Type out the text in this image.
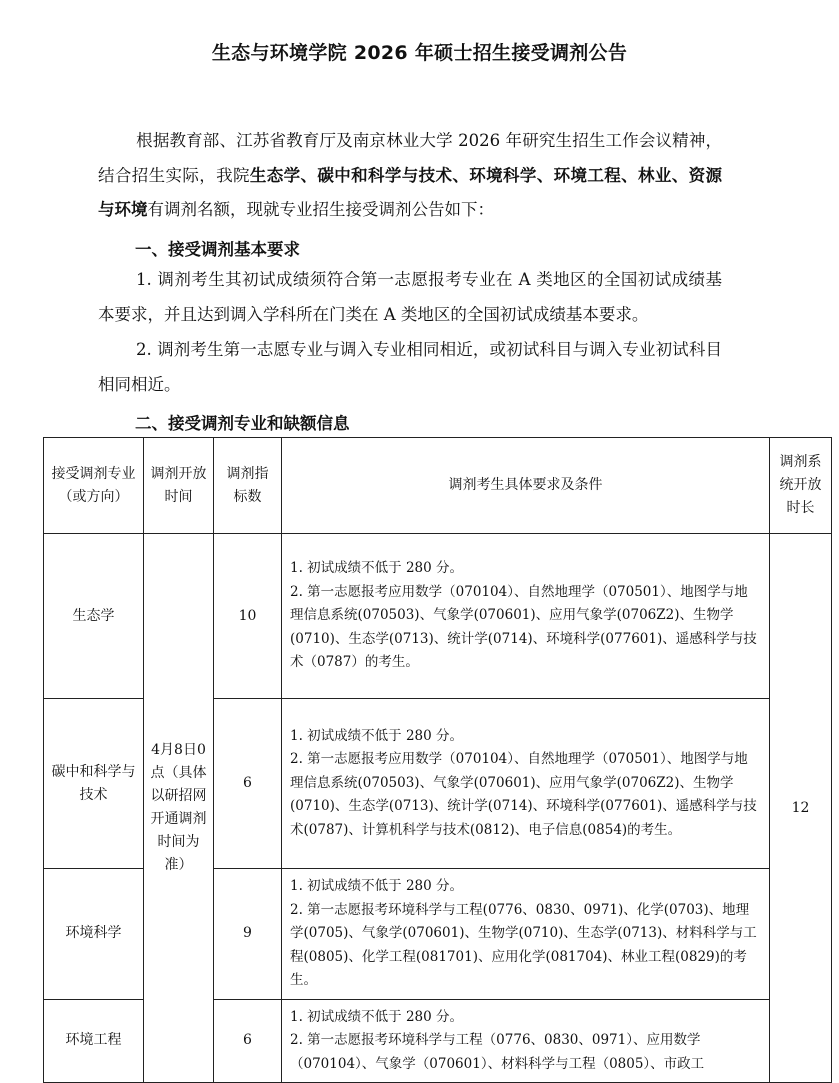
生态与环境学院 2026 年硕士招生接受调剂公告
根据教育部、江苏省教育厅及南京林业大学 2026 年研究生招生工作会议精神，结合招生实际，我院生态学、碳中和科学与技术、环境科学、环境工程、林业、资源与环境有调剂名额，现就专业招生接受调剂公告如下：
一、接受调剂基本要求
1. 调剂考生其初试成绩须符合第一志愿报考专业在 A 类地区的全国初试成绩基本要求，并且达到调入学科所在门类在 A 类地区的全国初试成绩基本要求。
2. 调剂考生第一志愿专业与调入专业相同相近，或初试科目与调入专业初试科目相同相近。
二、接受调剂专业和缺额信息
接受调剂专业（或方向）	调剂开放时间	调剂指标数	调剂考生具体要求及条件	调剂系统开放时长
生态学	4月8日0点（具体以研招网开通调剂时间为准）	10	1. 初试成绩不低于 280 分。
2. 第一志愿报考应用数学（070104）、自然地理学（070501）、地图学与地理信息系统(070503)、气象学(070601)、应用气象学(0706Z2)、生物学(0710)、生态学(0713)、统计学(0714)、环境科学(077601)、遥感科学与技术（0787）的考生。	12
碳中和科学与技术		6	1. 初试成绩不低于 280 分。
2. 第一志愿报考应用数学（070104）、自然地理学（070501）、地图学与地理信息系统(070503)、气象学(070601)、应用气象学(0706Z2)、生物学(0710)、生态学(0713)、统计学(0714)、环境科学(077601)、遥感科学与技术(0787)、计算机科学与技术(0812)、电子信息(0854)的考生。	

环境科学		9	1. 初试成绩不低于 280 分。
2. 第一志愿报考环境科学与工程(0776、0830、0971)、化学(0703)、地理学(0705)、气象学(070601)、生物学(0710)、生态学(0713)、材料科学与工程(0805)、化学工程(081701)、应用化学(081704)、林业工程(0829)的考生。	

环境工程		6	1. 初试成绩不低于 280 分。
2. 第一志愿报考环境科学与工程（0776、0830、0971）、应用数学（070104）、气象学（070601）、材料科学与工程（0805）、市政工	
